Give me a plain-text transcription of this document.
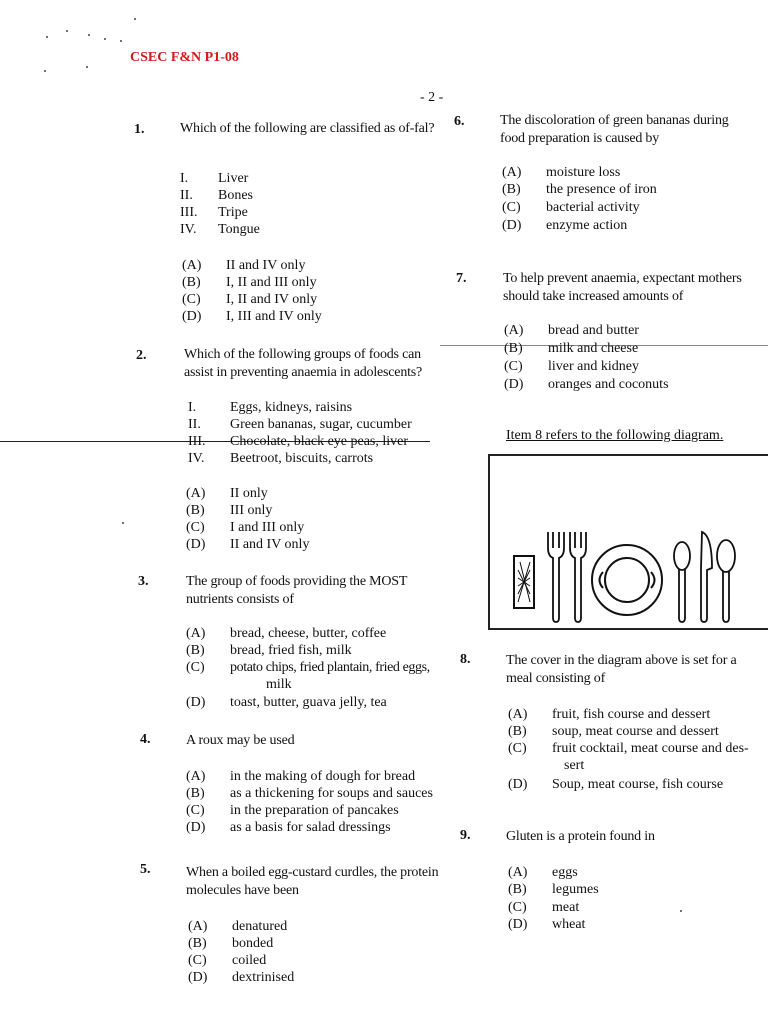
CSEC F&N P1-08
- 2 -
1.	Which of the following are classified as of-fal?
I. Liver
II. Bones
III. Tripe
IV. Tongue
(A) II and IV only
(B) I, II and III only
(C) I, II and IV only
(D) I, III and IV only
2.	Which of the following groups of foods can assist in preventing anaemia in adolescents?
I. Eggs, kidneys, raisins
II. Green bananas, sugar, cucumber
III. Chocolate, black eye peas, liver
IV. Beetroot, biscuits, carrots
(A) II only
(B) III only
(C) I and III only
(D) II and IV only
3.	The group of foods providing the MOST nutrients consists of
(A) bread, cheese, butter, coffee
(B) bread, fried fish, milk
(C) potato chips, fried plantain, fried eggs,
milk
(D) toast, butter, guava jelly, tea
4.	A roux may be used
(A) in the making of dough for bread
(B) as a thickening for soups and sauces
(C) in the preparation of pancakes
(D) as a basis for salad dressings
5.	When a boiled egg-custard curdles, the protein molecules have been
(A) denatured
(B) bonded
(C) coiled
(D) dextrinised
6.	The discoloration of green bananas during food preparation is caused by
(A) moisture loss
(B) the presence of iron
(C) bacterial activity
(D) enzyme action
7.	To help prevent anaemia, expectant mothers should take increased amounts of
(A) bread and butter
(B) milk and cheese
(C) liver and kidney
(D) oranges and coconuts
Item 8 refers to the following diagram.
8.	The cover in the diagram above is set for a meal consisting of
(A) fruit, fish course and dessert
(B) soup, meat course and dessert
(C) fruit cocktail, meat course and des-
sert
(D) Soup, meat course, fish course
9.	Gluten is a protein found in
(A) eggs
(B) legumes
(C) meat
(D) wheat
